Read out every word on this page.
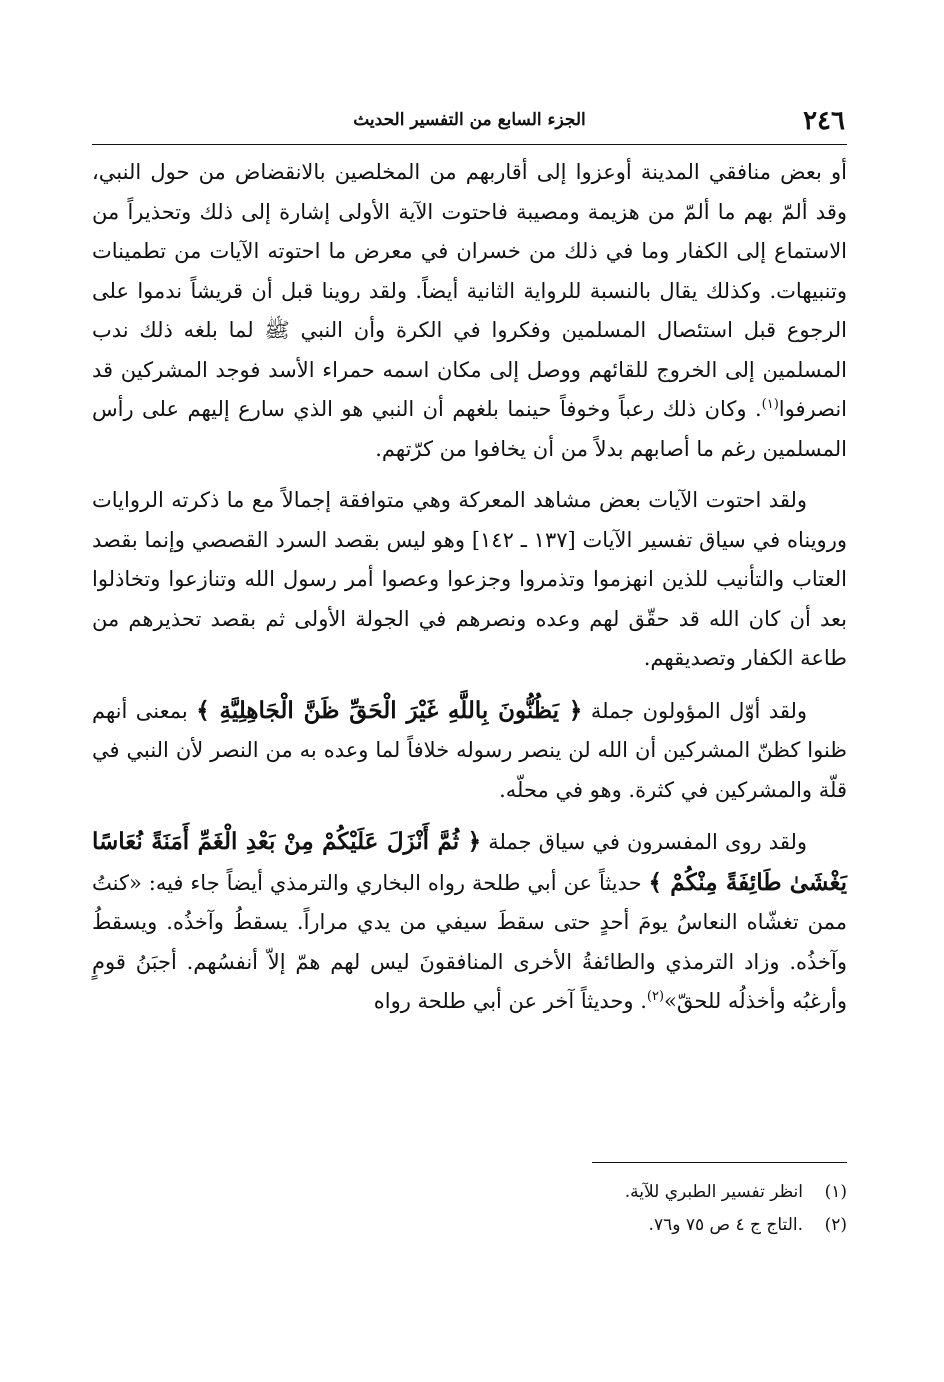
٢٤٦
الجزء السابع من التفسير الحديث

أو بعض منافقي المدينة أوعزوا إلى أقاربهم من المخلصين بالانقضاض من حول النبي، وقد ألمّ بهم ما ألمّ من هزيمة ومصيبة فاحتوت الآية الأولى إشارة إلى ذلك وتحذيراً من الاستماع إلى الكفار وما في ذلك من خسران في معرض ما احتوته الآيات من تطمينات وتنبيهات. وكذلك يقال بالنسبة للرواية الثانية أيضاً. ولقد روينا قبل أن قريشاً ندموا على الرجوع قبل استئصال المسلمين وفكروا في الكرة وأن النبي ﷺ لما بلغه ذلك ندب المسلمين إلى الخروج للقائهم ووصل إلى مكان اسمه حمراء الأسد فوجد المشركين قد انصرفوا$^{(١)}$. وكان ذلك رعباً وخوفاً حينما بلغهم أن النبي هو الذي سارع إليهم على رأس المسلمين رغم ما أصابهم بدلاً من أن يخافوا من كرّتهم.

ولقد احتوت الآيات بعض مشاهد المعركة وهي متوافقة إجمالاً مع ما ذكرته الروايات ورويناه في سياق تفسير الآيات [١٣٧ ـ ١٤٢] وهو ليس بقصد السرد القصصي وإنما بقصد العتاب والتأنيب للذين انهزموا وتذمروا وجزعوا وعصوا أمر رسول الله وتنازعوا وتخاذلوا بعد أن كان الله قد حقّق لهم وعده ونصرهم في الجولة الأولى ثم بقصد تحذيرهم من طاعة الكفار وتصديقهم.

ولقد أوّل المؤولون جملة ﴿ يَظُنُّونَ بِاللَّهِ غَيْرَ الْحَقِّ ظَنَّ الْجَاهِلِيَّةِ ﴾ بمعنى أنهم ظنوا كظنّ المشركين أن الله لن ينصر رسوله خلافاً لما وعده به من النصر لأن النبي في قلّة والمشركين في كثرة. وهو في محلّه.

ولقد روى المفسرون في سياق جملة ﴿ ثُمَّ أَنْزَلَ عَلَيْكُمْ مِنْ بَعْدِ الْغَمِّ أَمَنَةً نُعَاسًا يَغْشَىٰ طَائِفَةً مِنْكُمْ ﴾ حديثاً عن أبي طلحة رواه البخاري والترمذي أيضاً جاء فيه: «كنتُ ممن تغشّاه النعاسُ يومَ أحدٍ حتى سقطَ سيفي من يدي مراراً. يسقطُ وآخذُه. ويسقطُ وآخذُه. وزاد الترمذي والطائفةُ الأخرى المنافقونَ ليس لهم همّ إلاّ أنفسُهم. أجبَنُ قومٍ وأرغبُه وأخذلُه للحقّ»$^{(٢)}$. وحديثاً آخر عن أبي طلحة رواه

(١)انظر تفسير الطبري للآية.
(٢).التاج ج ٤ ص ٧٥ و٧٦.
